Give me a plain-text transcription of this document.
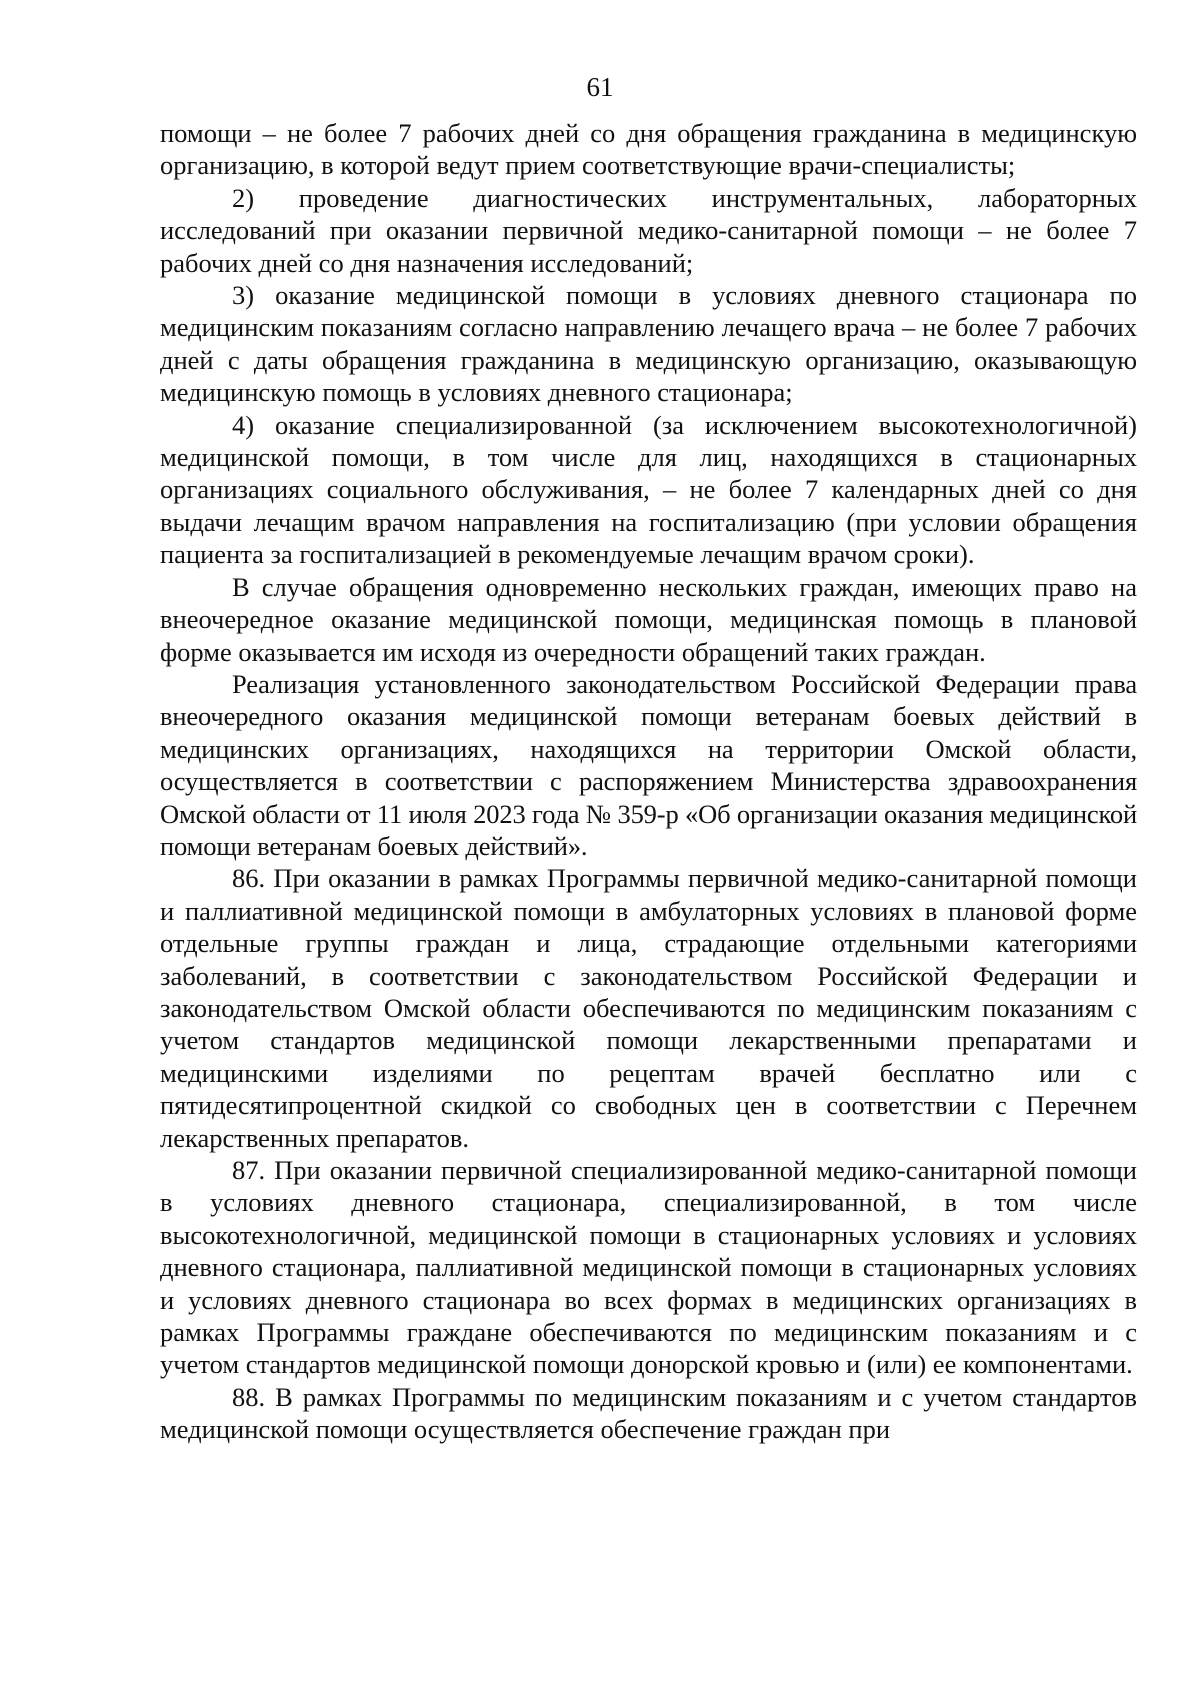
61

помощи – не более 7 рабочих дней со дня обращения гражданина в медицинскую организацию, в которой ведут прием соответствующие врачи-специалисты;

2) проведение диагностических инструментальных, лабораторных исследований при оказании первичной медико-санитарной помощи – не более 7 рабочих дней со дня назначения исследований;

3) оказание медицинской помощи в условиях дневного стационара по медицинским показаниям согласно направлению лечащего врача – не более 7 рабочих дней с даты обращения гражданина в медицинскую организацию, оказывающую медицинскую помощь в условиях дневного стационара;

4) оказание специализированной (за исключением высокотехнологичной) медицинской помощи, в том числе для лиц, находящихся в стационарных организациях социального обслуживания, – не более 7 календарных дней со дня выдачи лечащим врачом направления на госпитализацию (при условии обращения пациента за госпитализацией в рекомендуемые лечащим врачом сроки).

В случае обращения одновременно нескольких граждан, имеющих право на внеочередное оказание медицинской помощи, медицинская помощь в плановой форме оказывается им исходя из очередности обращений таких граждан.

Реализация установленного законодательством Российской Федерации права внеочередного оказания медицинской помощи ветеранам боевых действий в медицинских организациях, находящихся на территории Омской области, осуществляется в соответствии с распоряжением Министерства здравоохранения Омской области от 11 июля 2023 года № 359-р «Об организации оказания медицинской помощи ветеранам боевых действий».

86. При оказании в рамках Программы первичной медико-санитарной помощи и паллиативной медицинской помощи в амбулаторных условиях в плановой форме отдельные группы граждан и лица, страдающие отдельными категориями заболеваний, в соответствии с законодательством Российской Федерации и законодательством Омской области обеспечиваются по медицинским показаниям с учетом стандартов медицинской помощи лекарственными препаратами и медицинскими изделиями по рецептам врачей бесплатно или с пятидесятипроцентной скидкой со свободных цен в соответствии с Перечнем лекарственных препаратов.

87. При оказании первичной специализированной медико-санитарной помощи в условиях дневного стационара, специализированной, в том числе высокотехнологичной, медицинской помощи в стационарных условиях и условиях дневного стационара, паллиативной медицинской помощи в стационарных условиях и условиях дневного стационара во всех формах в медицинских организациях в рамках Программы граждане обеспечиваются по медицинским показаниям и с учетом стандартов медицинской помощи донорской кровью и (или) ее компонентами.

88. В рамках Программы по медицинским показаниям и с учетом стандартов медицинской помощи осуществляется обеспечение граждан при
